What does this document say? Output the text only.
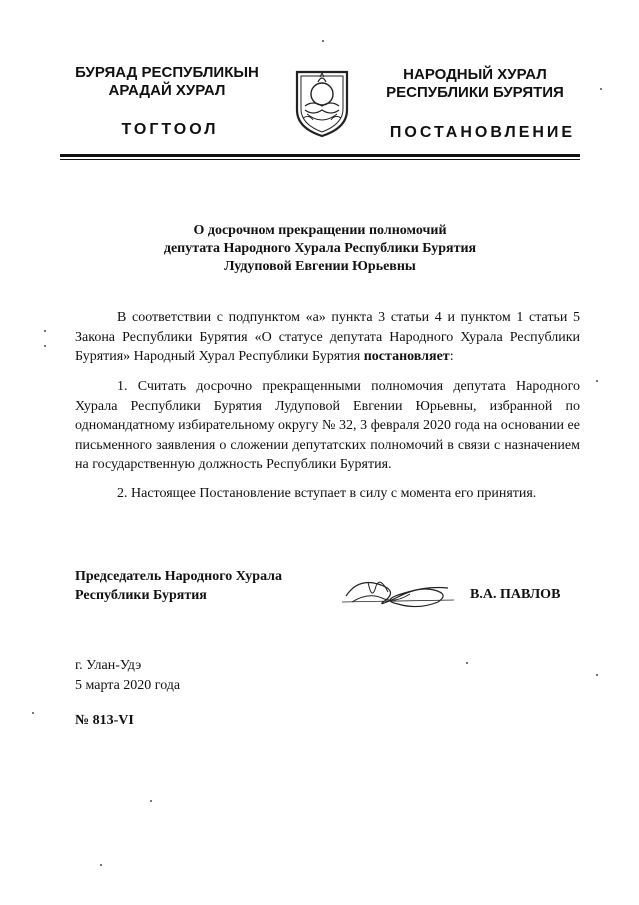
БУРЯАД РЕСПУБЛИКЫН
АРАДАЙ ХУРАЛ
НАРОДНЫЙ ХУРАЛ
РЕСПУБЛИКИ БУРЯТИЯ
ТОГТООЛ	ПОСТАНОВЛЕНИЕ
О досрочном прекращении полномочий
депутата Народного Хурала Республики Бурятия
Лудуповой Евгении Юрьевны
В соответствии с подпунктом «а» пункта 3 статьи 4 и пунктом 1 статьи 5 Закона Республики Бурятия «О статусе депутата Народного Хурала Республики Бурятия» Народный Хурал Республики Бурятия постановляет:
1. Считать досрочно прекращенными полномочия депутата Народного Хурала Республики Бурятия Лудуповой Евгении Юрьевны, избранной по одномандатному избирательному округу № 32, 3 февраля 2020 года на основании ее письменного заявления о сложении депутатских полномочий в связи с назначением на государственную должность Республики Бурятия.
2. Настоящее Постановление вступает в силу с момента его принятия.
Председатель Народного Хурала
Республики Бурятия	В.А. ПАВЛОВ
г. Улан-Удэ
5 марта 2020 года
№ 813-VI
